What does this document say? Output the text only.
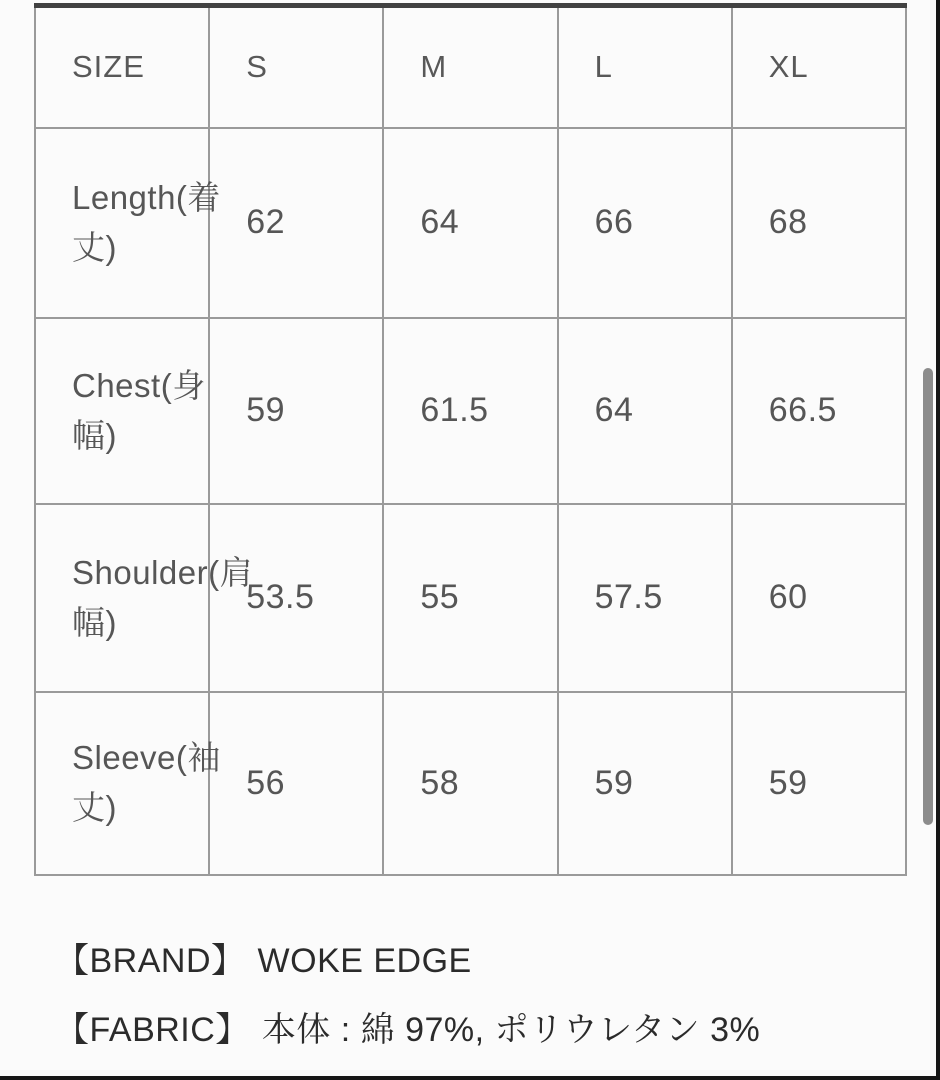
SIZE	S	M	L	XL

Length(着
丈)	62	64	66	68

Chest(身
幅)	59	61.5	64	66.5

Shoulder(肩
幅)	53.5	55	57.5	60

Sleeve(袖
丈)	56	58	59	59
【BRAND】 WOKE EDGE
【FABRIC】 本体 : 綿 97%, ポリウレタン 3%
